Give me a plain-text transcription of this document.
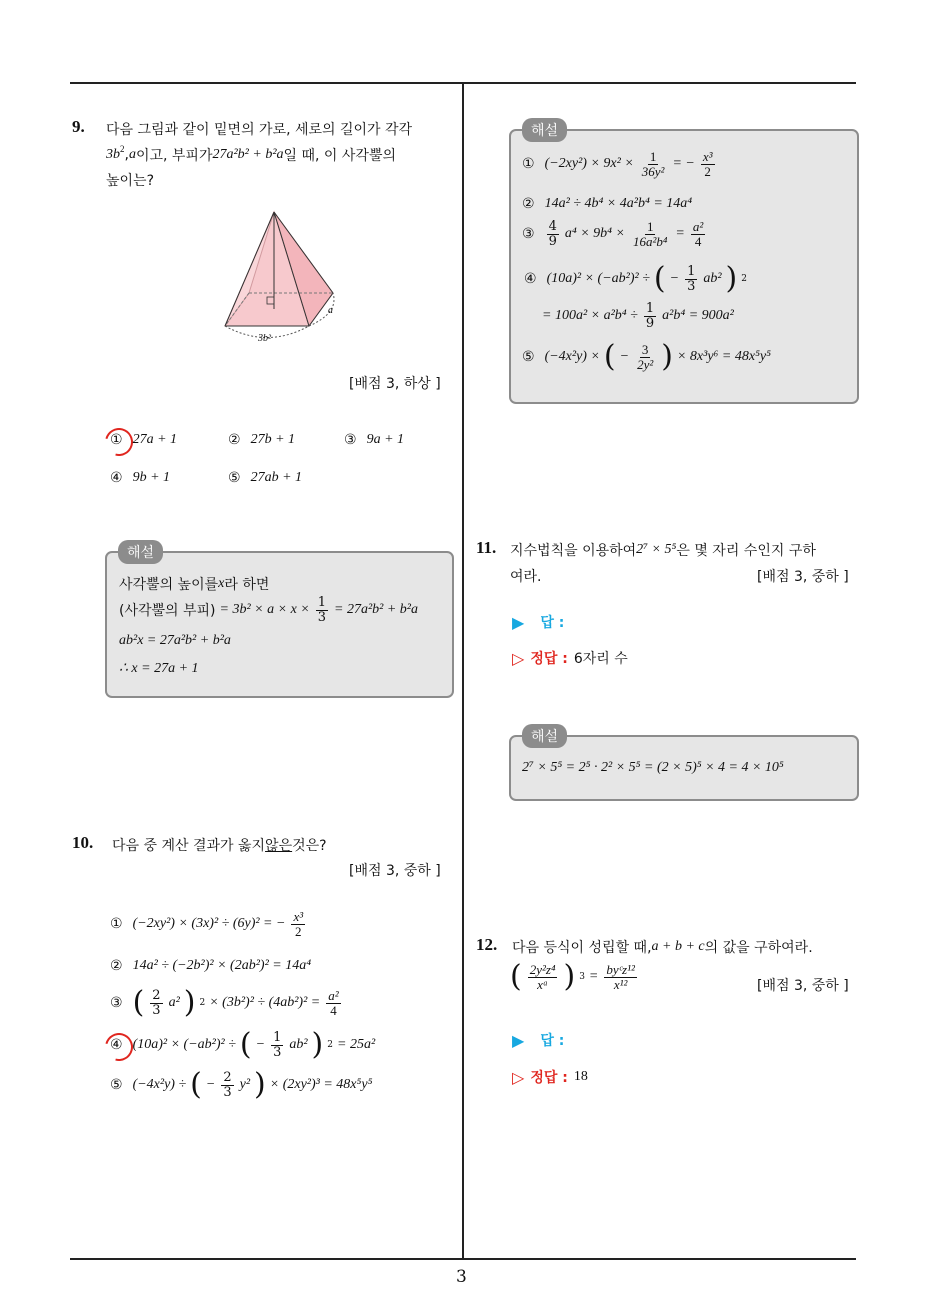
3
9. 다음 그림과 같이 밑면의 가로, 세로의 길이가 각각
$3b^2$ , a 이고, 부피가 27a²b² + b²a 일 때, 이 사각뿔의
높이는?
3b²
a
[배점 3, 하상 ]
① 27a + 1	② 27b + 1	③ 9a + 1
④ 9b + 1	⑤ 27ab + 1
해설
사각뿔의 높이를 x 라 하면
(사각뿔의 부피) = $3b^2 \times a \times x \times \frac{1}{3} = 27a^2b^2 + b^2a$
ab²x = 27a²b² + b²a
∴ x = 27a + 1
10. 다음 중 계산 결과가 옳지 않은 것은?
[배점 3, 중하 ]
① (−2xy²) × (3x)² ÷ (6y)² = − $\frac{\text{x³}}{2}$
② 14a² ÷ (−2b²)² × (2ab²)² = 14a⁴
③ ( $\frac{2}{3} a^2$ ) $2 \times (3b^2)^2 \div (4ab^2)^2 = \frac{\text{a²}}{4}$
④ (10a)² × (−ab²)² ÷ ( − $\frac{1}{3} ab^2$ ) 2 = 25a²
⑤ (−4x²y) ÷ ( − $\frac{2}{3} y^2$ ) × (2xy²)³ = 48x⁵y⁵
해설
① $(-2xy^2) \times 9x^2 \times \frac{1}{\text{36y²}}$ = − $\frac{\text{x³}}{2}$
② 14a² ÷ 4b⁴ × 4a²b⁴ = 14a⁴
③ $\frac{4}{9} a^4 \times 9b^4 \times \frac{1}{\text{16a²b⁴}} = \frac{\text{a²}}{4}$
④ (10a)² × (−ab²)² ÷ ( − $\frac{1}{3} ab^2$ ) 2
= $100a^2 \times a^2b^4 \div \frac{1}{9} a^2b^4 = 900a^2$
⑤ (−4x²y) × ( − $\frac{3}{\text{2y²}}$ ) × 8x³y⁶ = 48x⁵y⁵
11. 지수법칙을 이용하여 2⁷ × 5⁵ 은 몇 자리 수인지 구하
여라.	[배점 3, 중하 ]
▶ 답 :
▷ 정답 : 6자리 수
해설
2⁷ × 5⁵ = 2⁵ · 2² × 5⁵ = (2 × 5)⁵ × 4 = 4 × 10⁵
12. 다음 등식이 성립할 때, a + b + c 의 값을 구하여라.
( $\frac{\text{2y²z⁴}}{\text{xᵃ}}$ ) $3 = \frac{\text{byᶜz¹²}}{\text{x¹²}}$	[배점 3, 중하 ]
▶ 답 :
▷ 정답 : 18
